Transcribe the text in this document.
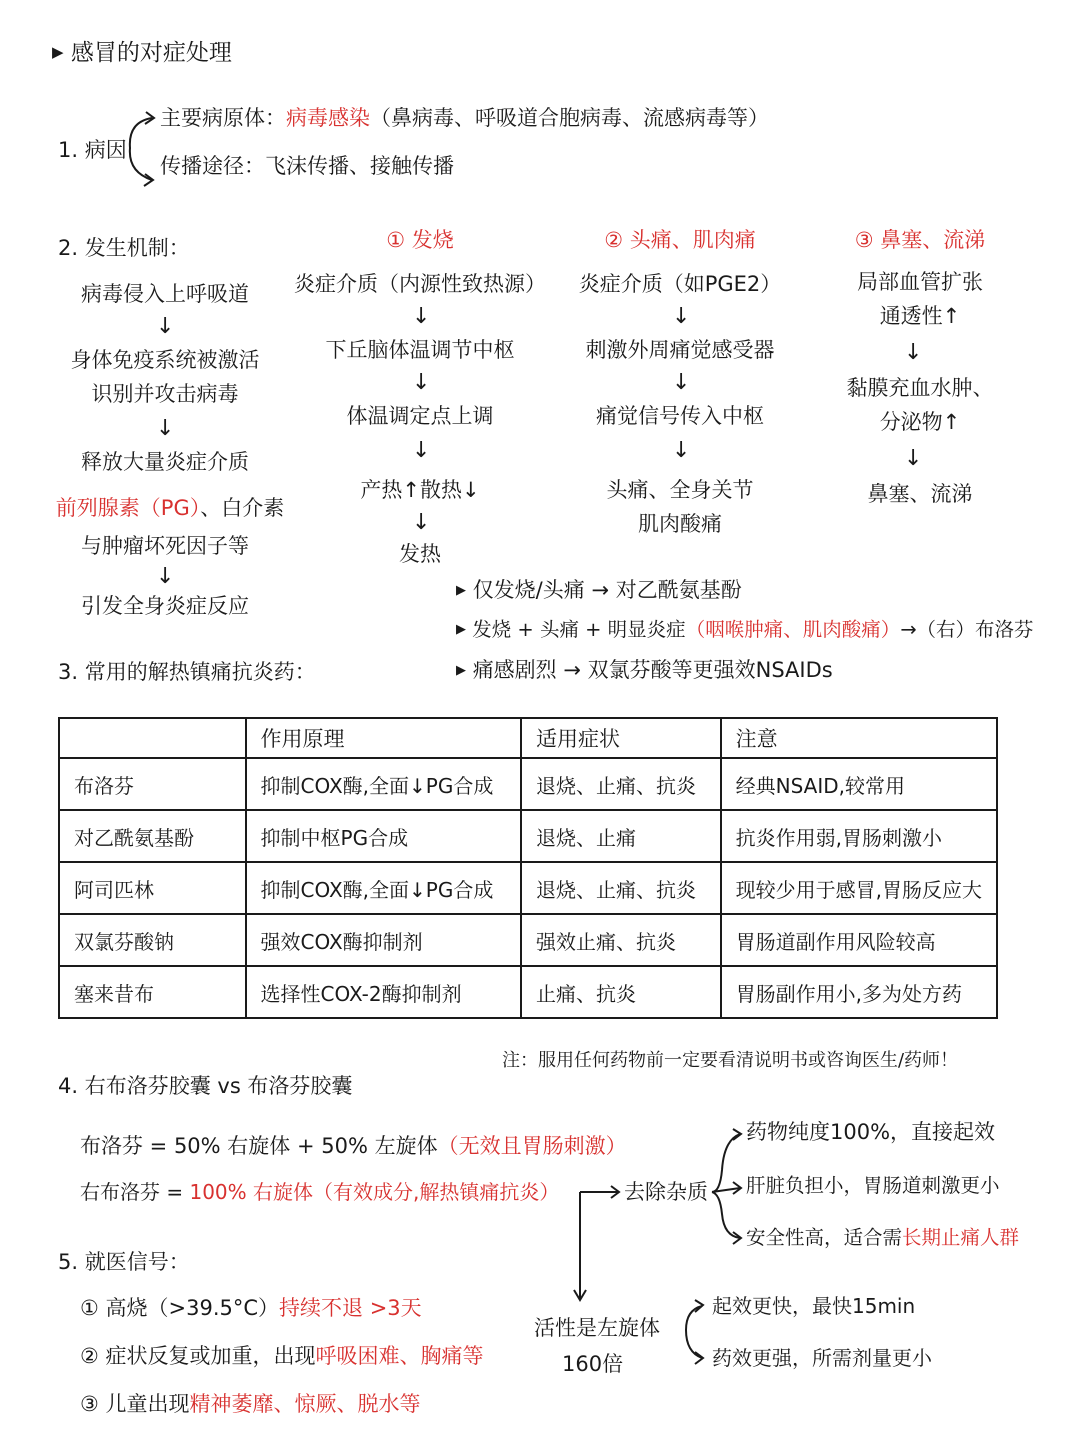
▶ 感冒的对症处理
1. 病因
主要病原体：病毒感染（鼻病毒、呼吸道合胞病毒、流感病毒等）
传播途径：飞沫传播、接触传播
2. 发生机制：
病毒侵入上呼吸道
↓
身体免疫系统被激活
识别并攻击病毒
↓
释放大量炎症介质
前列腺素（PG）、白介素
与肿瘤坏死因子等
↓
引发全身炎症反应
① 发烧
炎症介质（内源性致热源）
↓
下丘脑体温调节中枢
↓
体温调定点上调
↓
产热↑散热↓
↓
发热
② 头痛、肌肉痛
炎症介质（如PGE2）
↓
刺激外周痛觉感受器
↓
痛觉信号传入中枢
↓
头痛、全身关节
肌肉酸痛
③ 鼻塞、流涕
局部血管扩张
通透性↑
↓
黏膜充血水肿、
分泌物↑
↓
鼻塞、流涕
▶ 仅发烧/头痛 → 对乙酰氨基酚
▶ 发烧 + 头痛 + 明显炎症（咽喉肿痛、肌肉酸痛）→（右）布洛芬
▶ 痛感剧烈 → 双氯芬酸等更强效NSAIDs
3. 常用的解热镇痛抗炎药：
	作用原理	适用症状	注意
布洛芬	抑制COX酶,全面↓PG合成	退烧、止痛、抗炎	经典NSAID,较常用
对乙酰氨基酚	抑制中枢PG合成	退烧、止痛	抗炎作用弱,胃肠刺激小
阿司匹林	抑制COX酶,全面↓PG合成	退烧、止痛、抗炎	现较少用于感冒,胃肠反应大
双氯芬酸钠	强效COX酶抑制剂	强效止痛、抗炎	胃肠道副作用风险较高
塞来昔布	选择性COX-2酶抑制剂	止痛、抗炎	胃肠副作用小,多为处方药
注：服用任何药物前一定要看清说明书或咨询医生/药师！
4. 右布洛芬胶囊 vs 布洛芬胶囊
布洛芬 = 50% 右旋体 + 50% 左旋体（无效且胃肠刺激）
右布洛芬 = 100% 右旋体（有效成分,解热镇痛抗炎）	去除杂质
药物纯度100%，直接起效
肝脏负担小，胃肠道刺激更小
安全性高，适合需长期止痛人群
活性是左旋体
160倍
起效更快，最快15min
药效更强，所需剂量更小
5. 就医信号：
① 高烧（>39.5°C）持续不退 >3天
② 症状反复或加重，出现呼吸困难、胸痛等
③ 儿童出现精神萎靡、惊厥、脱水等
